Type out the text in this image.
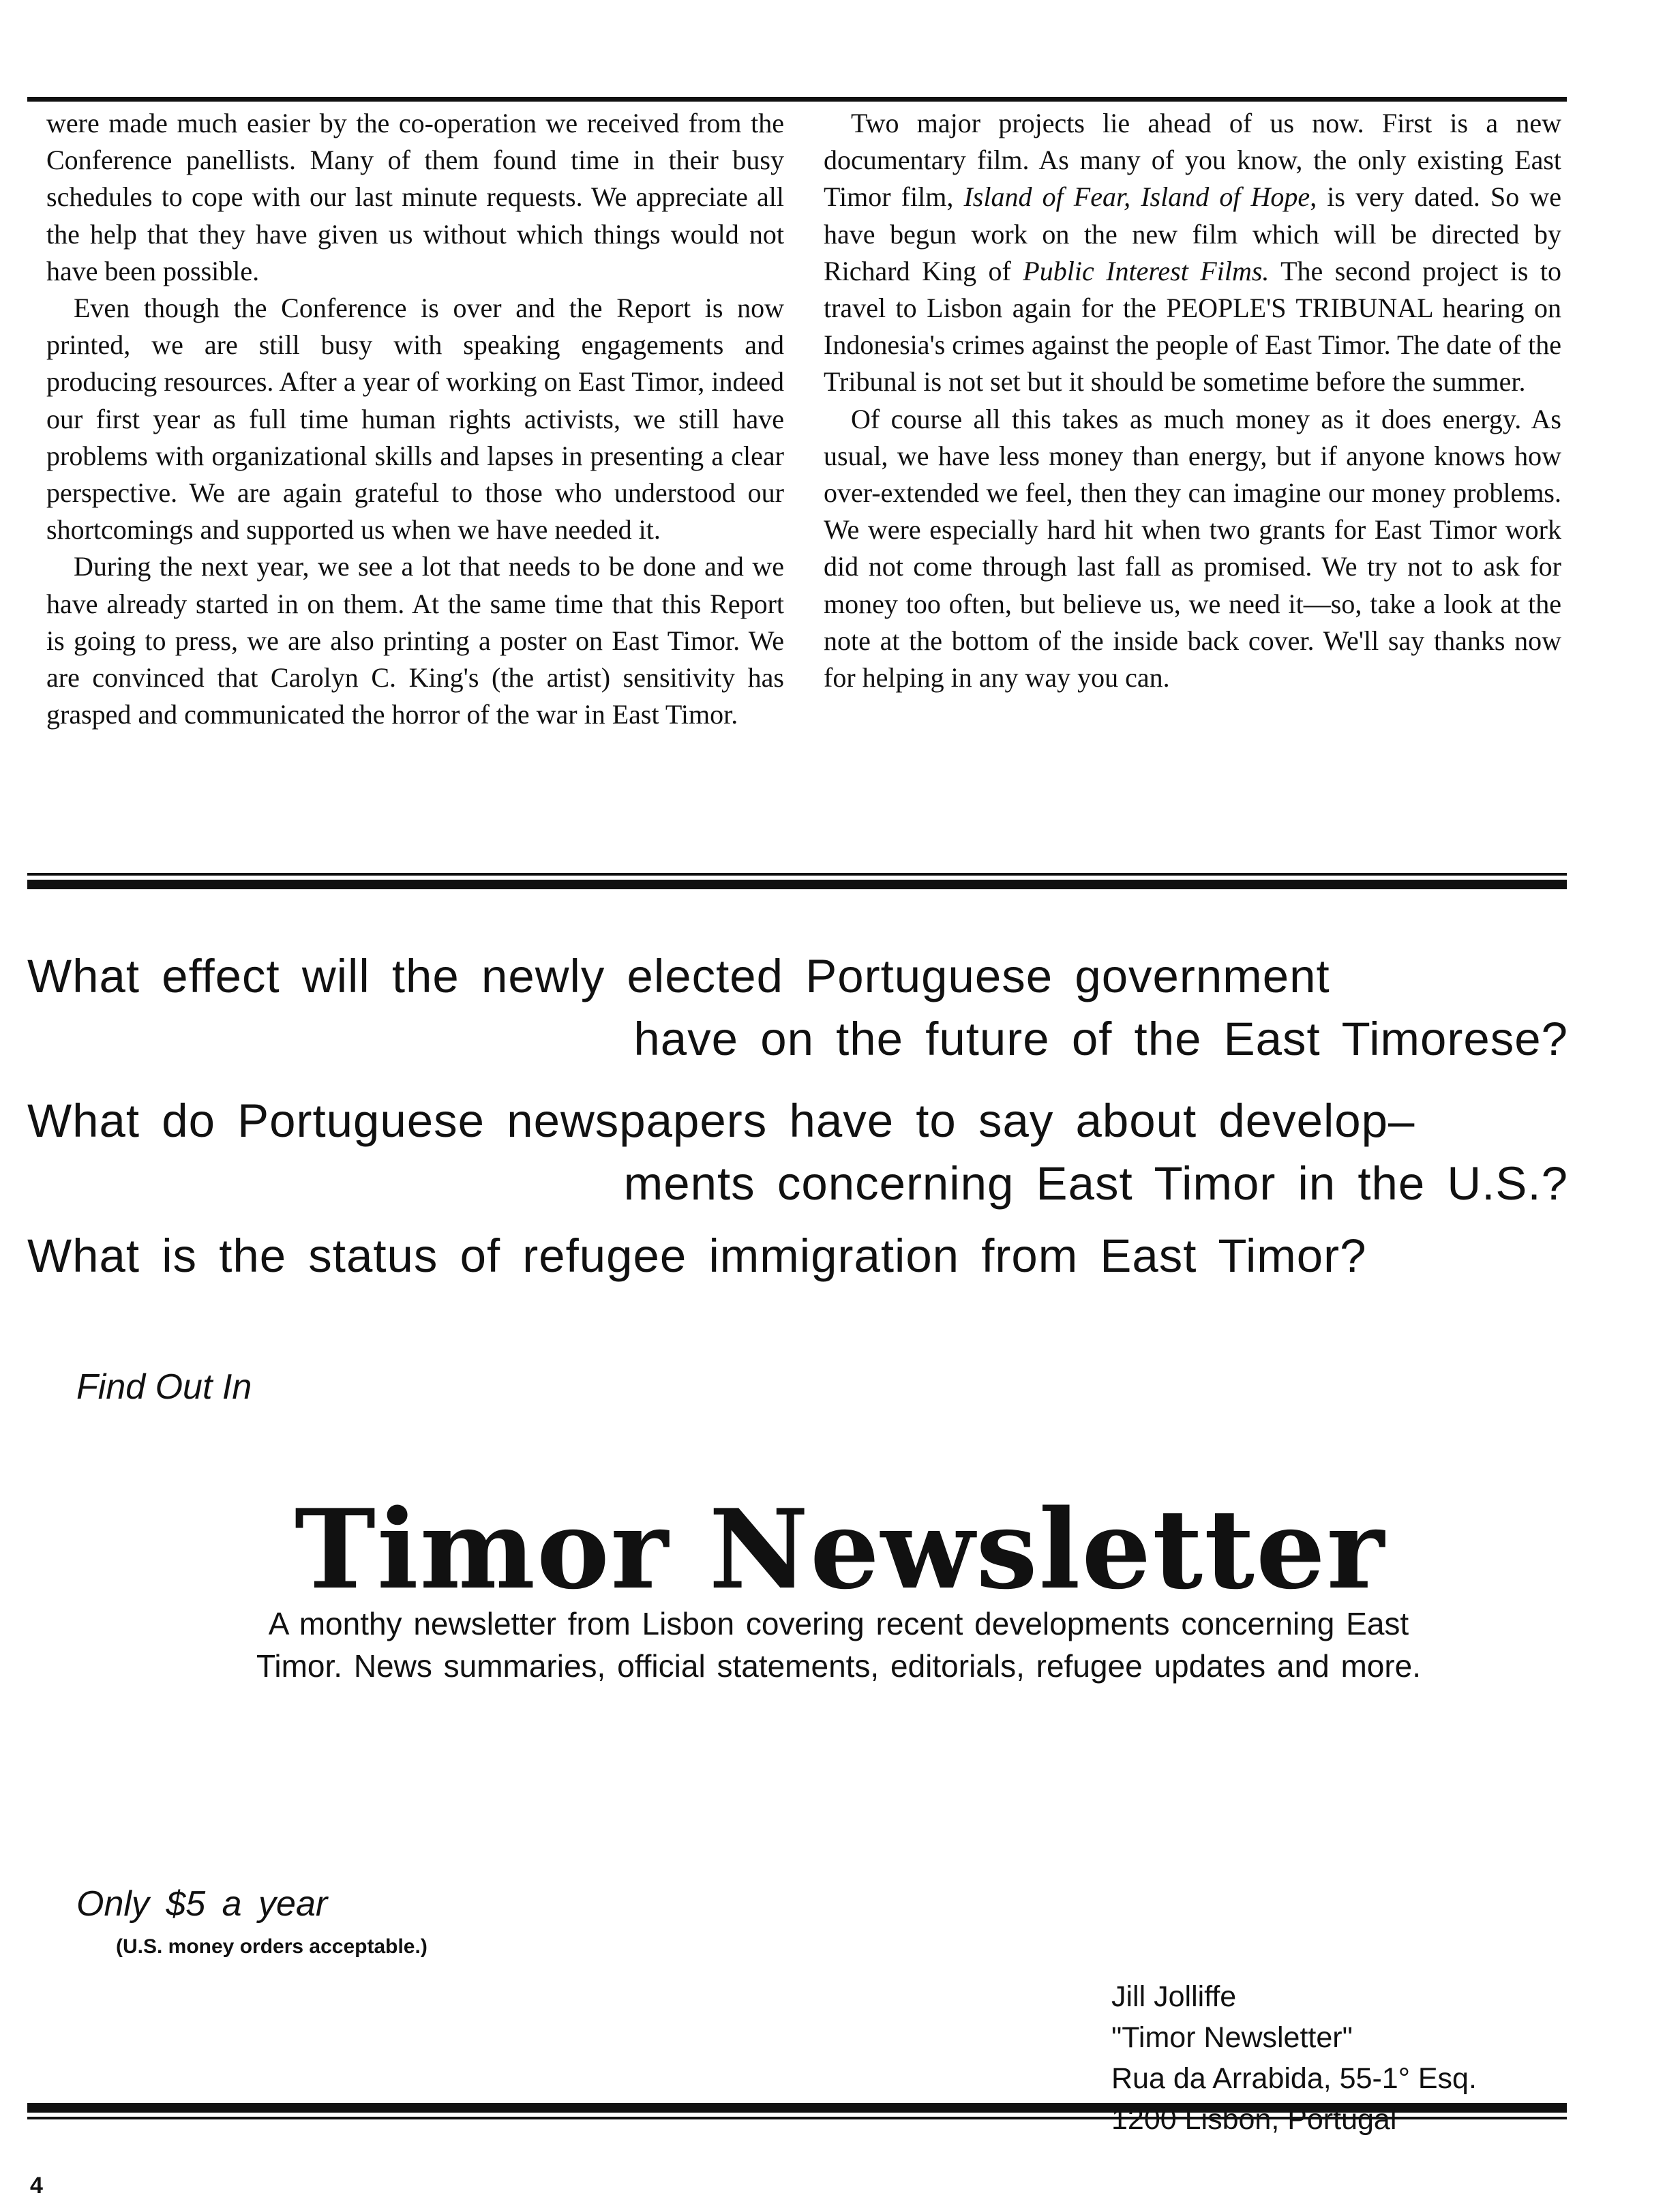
were made much easier by the co-operation we received from the Conference panellists. Many of them found time in their busy schedules to cope with our last minute requests. We appreciate all the help that they have given us without which things would not have been possible.

Even though the Conference is over and the Report is now printed, we are still busy with speaking engagements and producing resources. After a year of working on East Timor, indeed our first year as full time human rights activists, we still have problems with organizational skills and lapses in presenting a clear perspective. We are again grateful to those who understood our shortcomings and supported us when we have needed it.

During the next year, we see a lot that needs to be done and we have already started in on them. At the same time that this Report is going to press, we are also printing a poster on East Timor. We are convinced that Carolyn C. King's (the artist) sensitivity has grasped and communicated the horror of the war in East Timor.

Two major projects lie ahead of us now. First is a new documentary film. As many of you know, the only existing East Timor film, Island of Fear, Island of Hope, is very dated. So we have begun work on the new film which will be directed by Richard King of Public Interest Films. The second project is to travel to Lisbon again for the PEOPLE'S TRIBUNAL hearing on Indonesia's crimes against the people of East Timor. The date of the Tribunal is not set but it should be sometime before the summer.

Of course all this takes as much money as it does energy. As usual, we have less money than energy, but if anyone knows how over-extended we feel, then they can imagine our money problems. We were especially hard hit when two grants for East Timor work did not come through last fall as promised. We try not to ask for money too often, but believe us, we need it—so, take a look at the note at the bottom of the inside back cover. We'll say thanks now for helping in any way you can.

What effect will the newly elected Portuguese government
have on the future of the East Timorese?
What do Portuguese newspapers have to say about develop–
ments concerning East Timor in the U.S.?
What is the status of refugee immigration from East Timor?
Find Out In
Timor Newsletter
A monthy newsletter from Lisbon covering recent developments concerning East
Timor. News summaries, official statements, editorials, refugee updates and more.
Only $5 a year
(U.S. money orders acceptable.)
Jill Jolliffe
"Timor Newsletter"
Rua da Arrabida, 55-1° Esq.
1200 Lisbon, Portugal
4
